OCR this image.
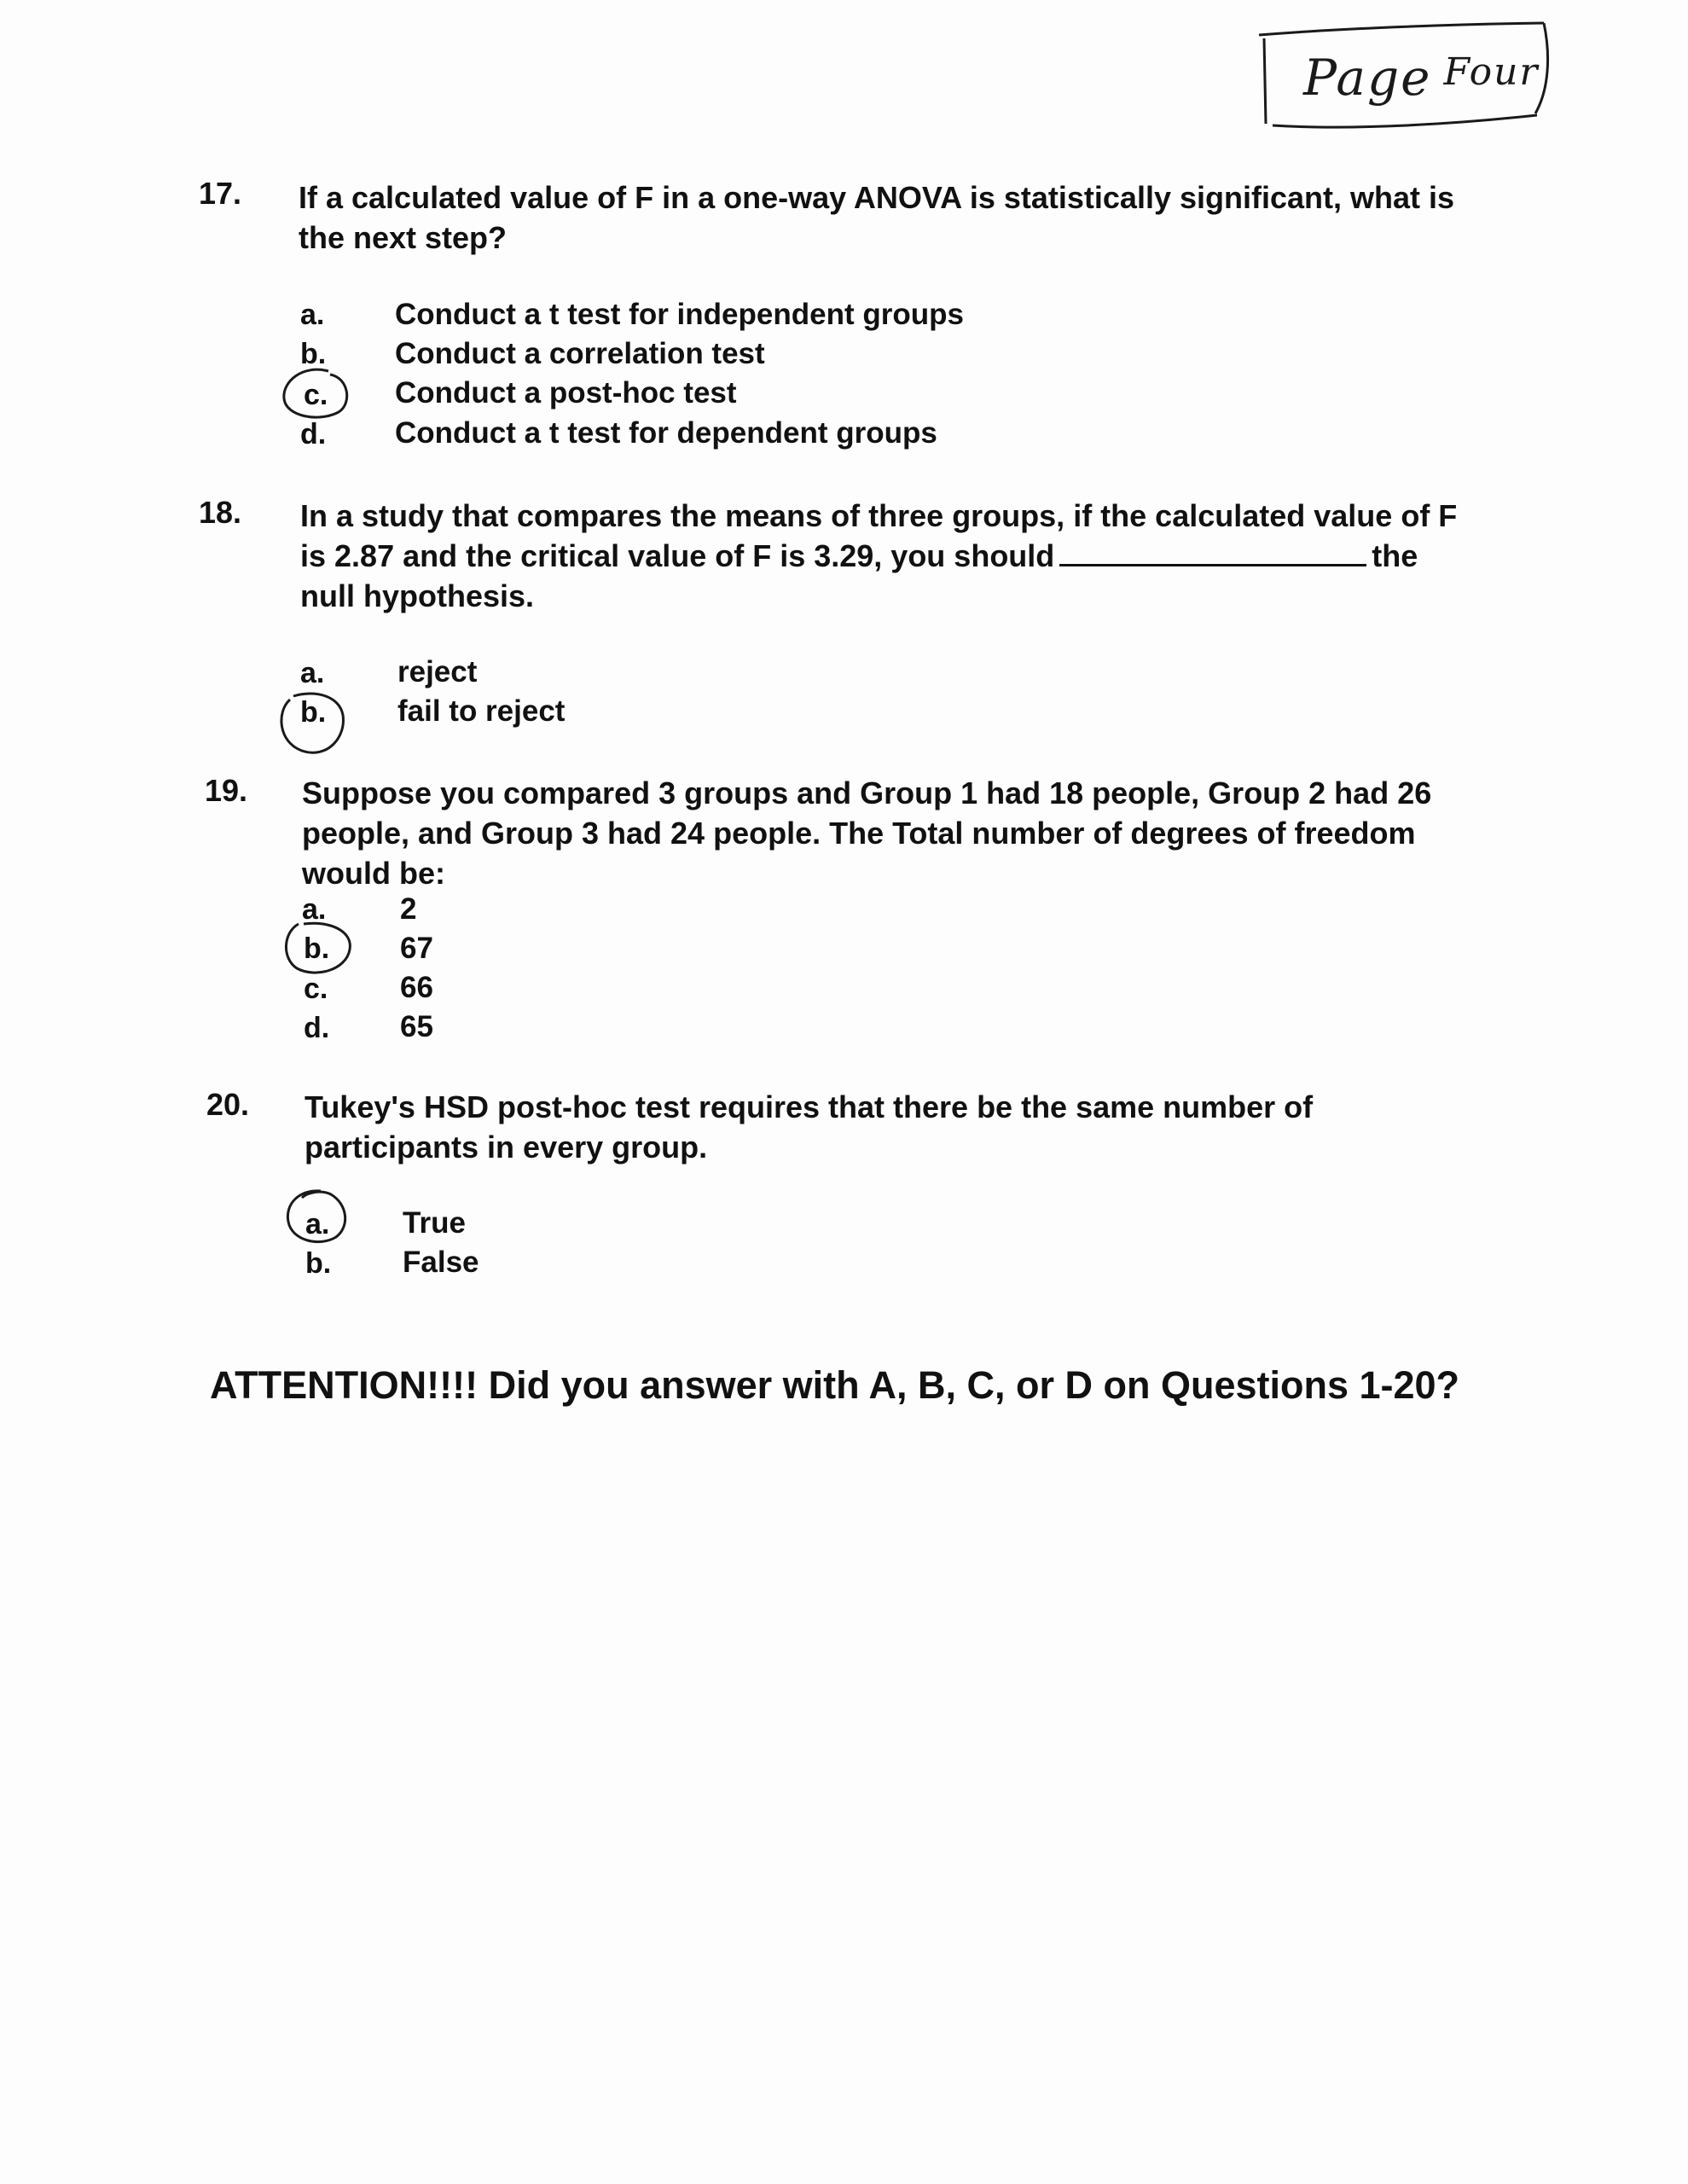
Page $^{Four}$
17. If a calculated value of F in a one-way ANOVA is statistically significant, what is the next step?
a. Conduct a t test for independent groups
b. Conduct a correlation test
c. Conduct a post-hoc test
d. Conduct a t test for dependent groups
18. In a study that compares the means of three groups, if the calculated value of F is 2.87 and the critical value of F is 3.29, you should	the null hypothesis.
a. reject
b. fail to reject
19. Suppose you compared 3 groups and Group 1 had 18 people, Group 2 had 26 people, and Group 3 had 24 people. The Total number of degrees of freedom would be:
a. 2
b. 67
c. 66
d. 65
20. Tukey's HSD post-hoc test requires that there be the same number of participants in every group.
a. True
b. False
ATTENTION!!!! Did you answer with A, B, C, or D on Questions 1-20?
